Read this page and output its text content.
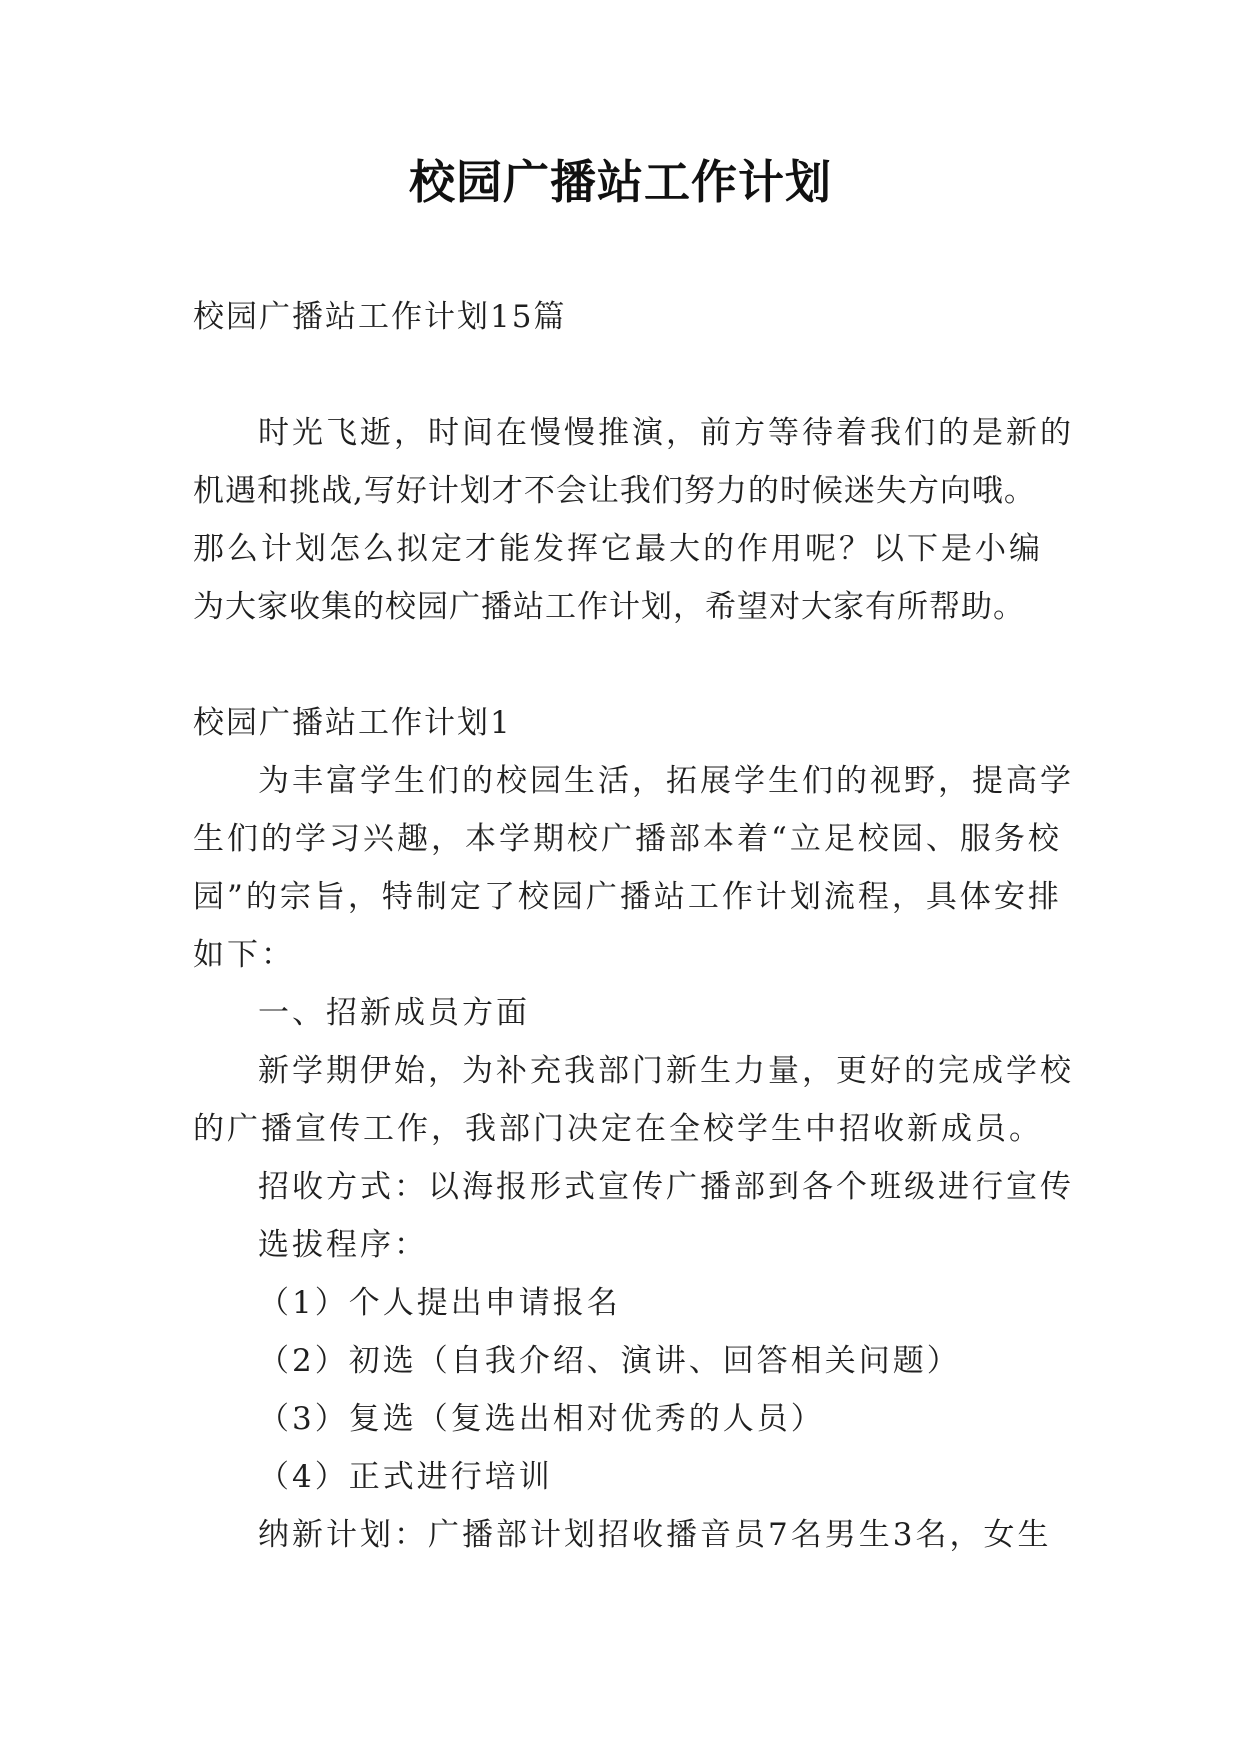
校园广播站工作计划

校园广播站工作计划15篇

时光飞逝，时间在慢慢推演，前方等待着我们的是新的

机遇和挑战,写好计划才不会让我们努力的时候迷失方向哦。

那么计划怎么拟定才能发挥它最大的作用呢？以下是小编

为大家收集的校园广播站工作计划，希望对大家有所帮助。

校园广播站工作计划1

为丰富学生们的校园生活，拓展学生们的视野，提高学

生们的学习兴趣，本学期校广播部本着“立足校园、服务校

园”的宗旨，特制定了校园广播站工作计划流程，具体安排

如下：

一、招新成员方面

新学期伊始，为补充我部门新生力量，更好的完成学校

的广播宣传工作，我部门决定在全校学生中招收新成员。

招收方式：以海报形式宣传广播部到各个班级进行宣传

选拔程序：

（1）个人提出申请报名

（2）初选（自我介绍、演讲、回答相关问题）

（3）复选（复选出相对优秀的人员）

（4）正式进行培训

纳新计划：广播部计划招收播音员7名男生3名，女生
